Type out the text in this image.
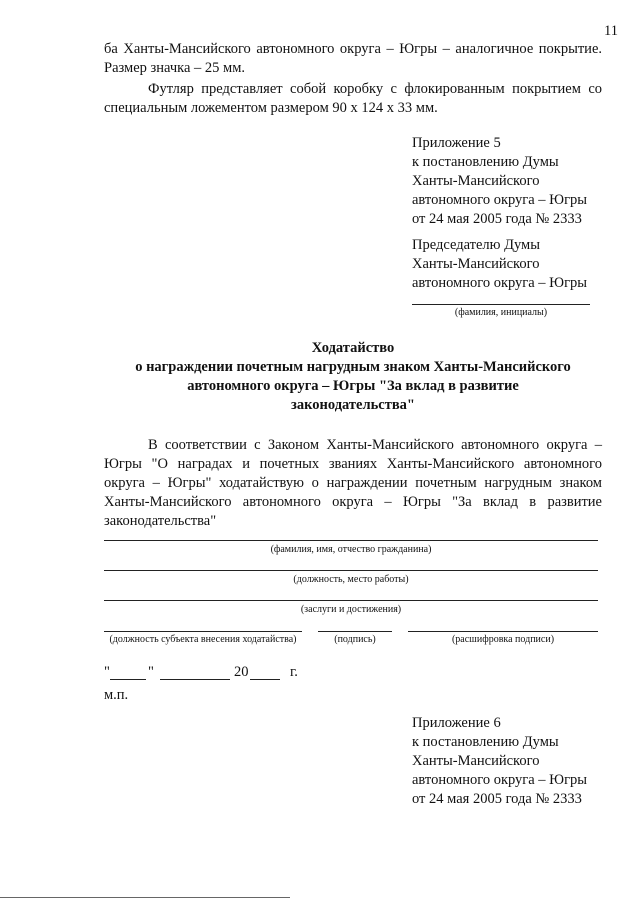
11
ба Ханты-Мансийского автономного округа – Югры – аналогичное покрытие. Размер значка – 25 мм.
Футляр представляет собой коробку с флокированным покрытием со специальным ложементом размером 90 х 124 х 33 мм.
Приложение 5
к постановлению Думы
Ханты-Мансийского
автономного округа – Югры
от 24 мая 2005 года № 2333
Председателю Думы
Ханты-Мансийского
автономного округа – Югры
(фамилия, инициалы)
Ходатайство
о награждении почетным нагрудным знаком Ханты-Мансийского
автономного округа – Югры "За вклад в развитие
законодательства"
В соответствии с Законом Ханты-Мансийского автономного округа – Югры "О наградах и почетных званиях Ханты-Мансийского автономного округа – Югры" ходатайствую о награждении почетным нагрудным знаком Ханты-Мансийского автономного округа – Югры "За вклад в развитие законодательства"
(фамилия, имя, отчество гражданина)
(должность, место работы)
(заслуги и достижения)
(должность субъекта внесения ходатайства)	(подпись)	(расшифровка подписи)
"	"	20	г.
м.п.
Приложение 6
к постановлению Думы
Ханты-Мансийского
автономного округа – Югры
от 24 мая 2005 года № 2333
